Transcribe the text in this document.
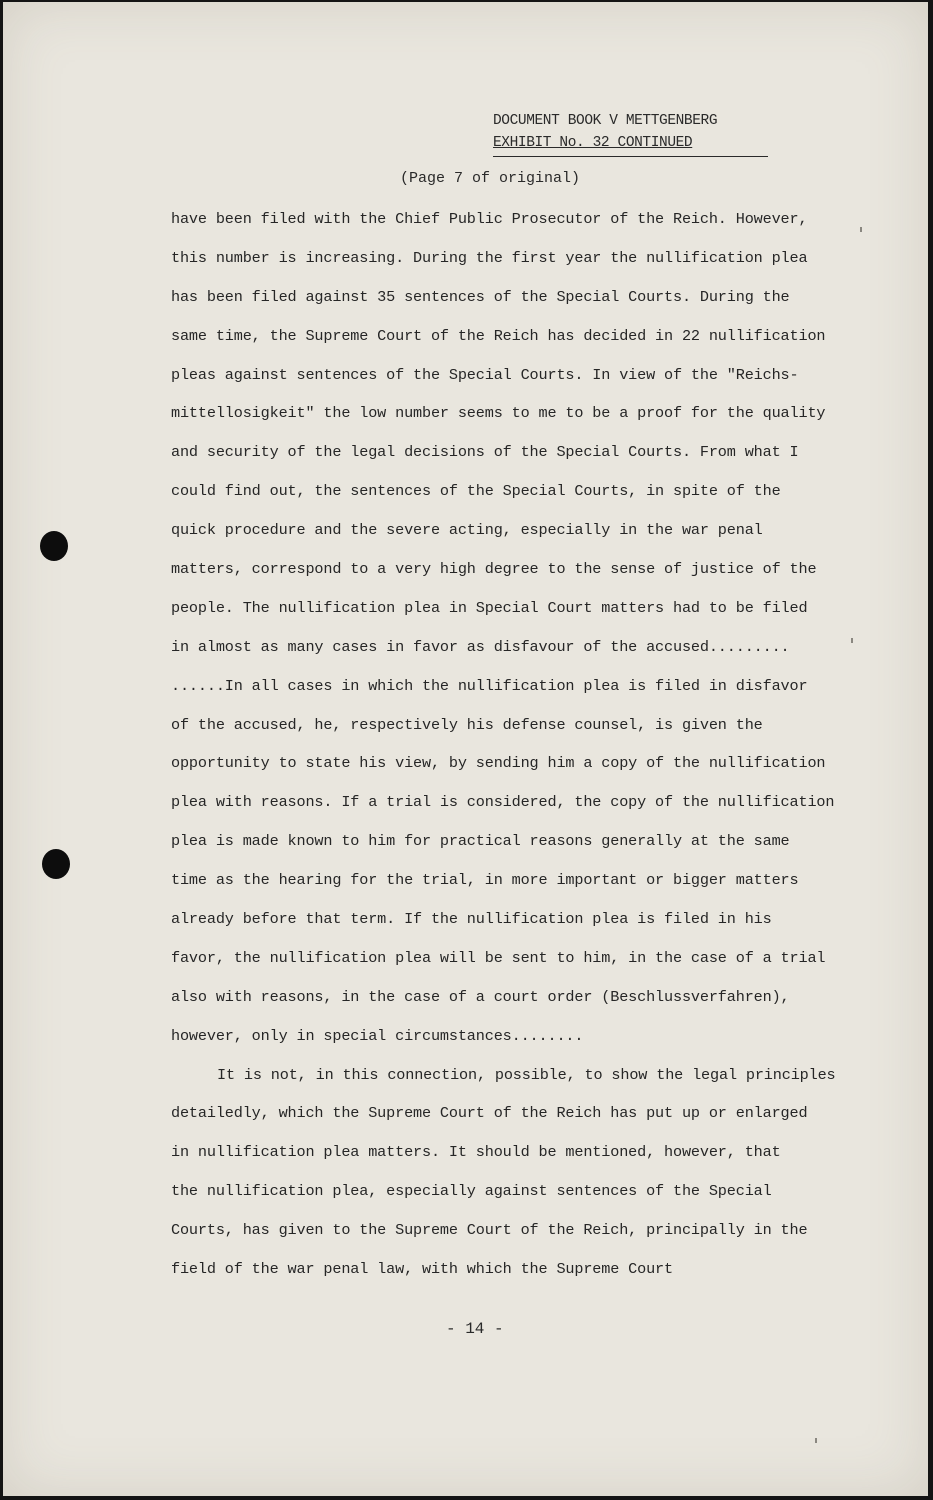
DOCUMENT BOOK V METTGENBERG
EXHIBIT No. 32 CONTINUED
(Page 7 of original)
have been filed with the Chief Public Prosecutor of the Reich. However,
this number is increasing. During the first year the nullification plea
has been filed against 35 sentences of the Special Courts. During the
same time, the Supreme Court of the Reich has decided in 22 nullification
pleas against sentences of the Special Courts. In view of the "Reichs-
mittellosigkeit" the low number seems to me to be a proof for the quality
and security of the legal decisions of the Special Courts. From what I
could find out, the sentences of the Special Courts, in spite of the
quick procedure and the severe acting, especially in the war penal
matters, correspond to a very high degree to the sense of justice of the
people. The nullification plea in Special Court matters had to be filed
in almost as many cases in favor as disfavour of the accused.........
......In all cases in which the nullification plea is filed in disfavor
of the accused, he, respectively his defense counsel, is given the
opportunity to state his view, by sending him a copy of the nullification
plea with reasons. If a trial is considered, the copy of the nullification
plea is made known to him for practical reasons generally at the same
time as the hearing for the trial, in more important or bigger matters
already before that term. If the nullification plea is filed in his
favor, the nullification plea will be sent to him, in the case of a trial
also with reasons, in the case of a court order (Beschlussverfahren),
however, only in special circumstances........
It is not, in this connection, possible, to show the legal principles
detailedly, which the Supreme Court of the Reich has put up or enlarged
in nullification plea matters. It should be mentioned, however, that
the nullification plea, especially against sentences of the Special
Courts, has given to the Supreme Court of the Reich, principally in the
field of the war penal law, with which the Supreme Court
- 14 -
